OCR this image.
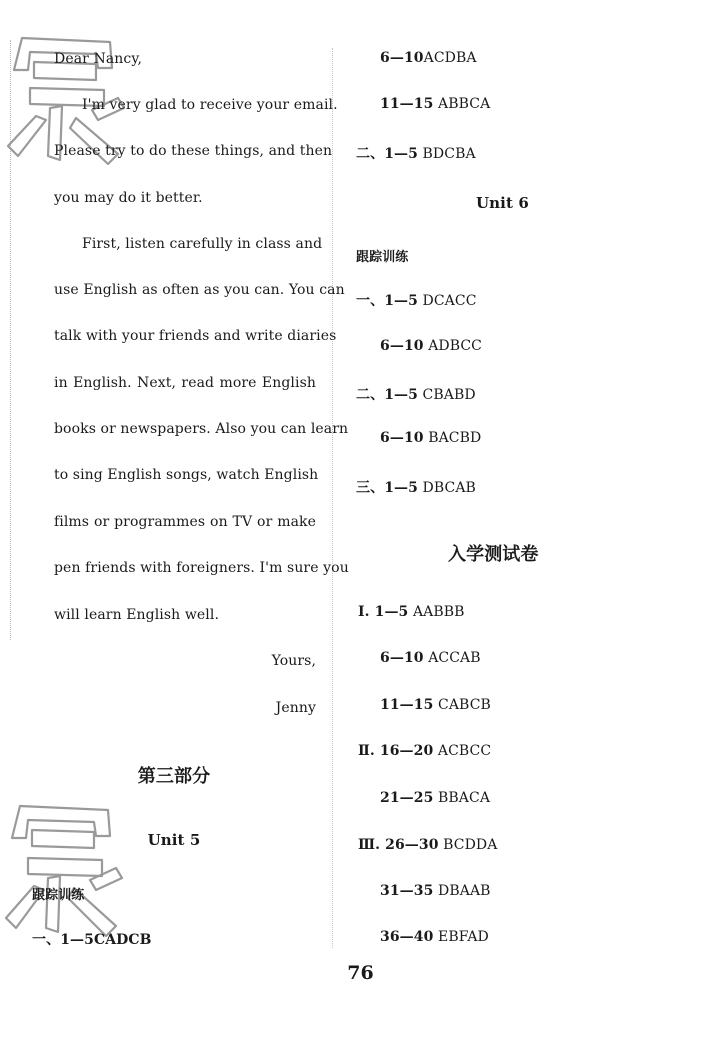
Dear Nancy,
I'm very glad to receive your email.
Please try to do these things, and then
you may do it better.
First, listen carefully in class and
use English as often as you can. You can
talk with your friends and write diaries
in English. Next, read more English
books or newspapers. Also you can learn
to sing English songs, watch English
films or programmes on TV or make
pen friends with foreigners. I'm sure you
will learn English well.
Yours,
Jenny
第三部分
Unit 5
跟踪训练
一、1—5CADCB
6—10ACDBA
11—15 ABBCA
二、1—5 BDCBA
Unit 6
跟踪训练
一、1—5 DCACC
6—10 ADBCC
二、1—5 CBABD
6—10 BACBD
三、1—5 DBCAB
入学测试卷
Ⅰ. 1—5 AABBB
6—10 ACCAB
11—15 CABCB
Ⅱ. 16—20 ACBCC
21—25 BBACA
Ⅲ. 26—30 BCDDA
31—35 DBAAB
36—40 EBFAD
76
